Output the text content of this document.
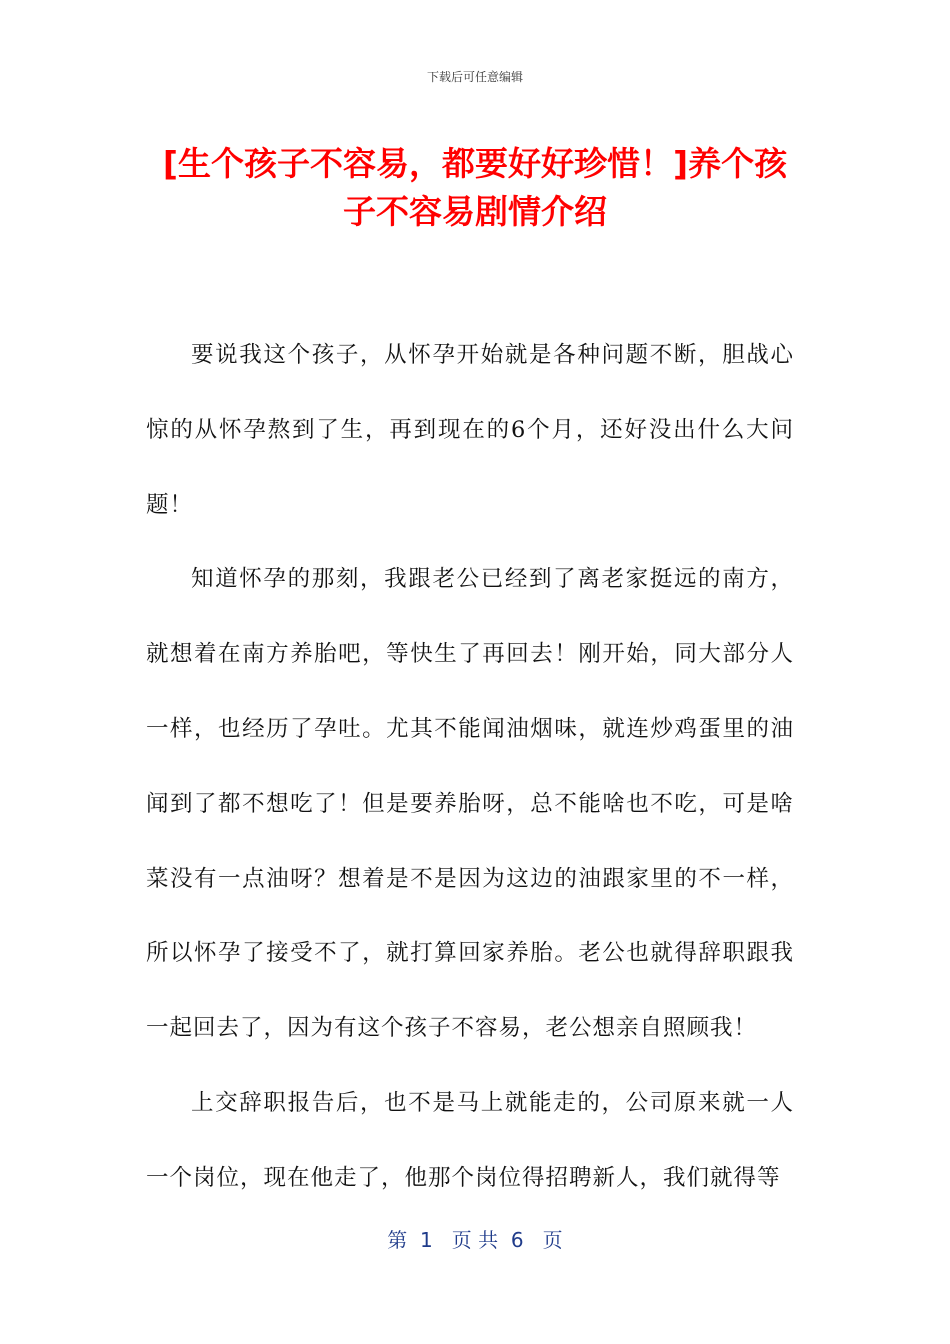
下载后可任意编辑
[生个孩子不容易，都要好好珍惜！]养个孩子不容易剧情介绍

要说我这个孩子，从怀孕开始就是各种问题不断，胆战心惊的从怀孕熬到了生，再到现在的6个月，还好没出什么大问题！

知道怀孕的那刻，我跟老公已经到了离老家挺远的南方，就想着在南方养胎吧，等快生了再回去！刚开始，同大部分人一样，也经历了孕吐。尤其不能闻油烟味，就连炒鸡蛋里的油闻到了都不想吃了！但是要养胎呀，总不能啥也不吃，可是啥菜没有一点油呀？想着是不是因为这边的油跟家里的不一样，所以怀孕了接受不了，就打算回家养胎。老公也就得辞职跟我一起回去了，因为有这个孩子不容易，老公想亲自照顾我！

上交辞职报告后，也不是马上就能走的，公司原来就一人一个岗位，现在他走了，他那个岗位得招聘新人，我们就得等

第  1   页 共  6   页
